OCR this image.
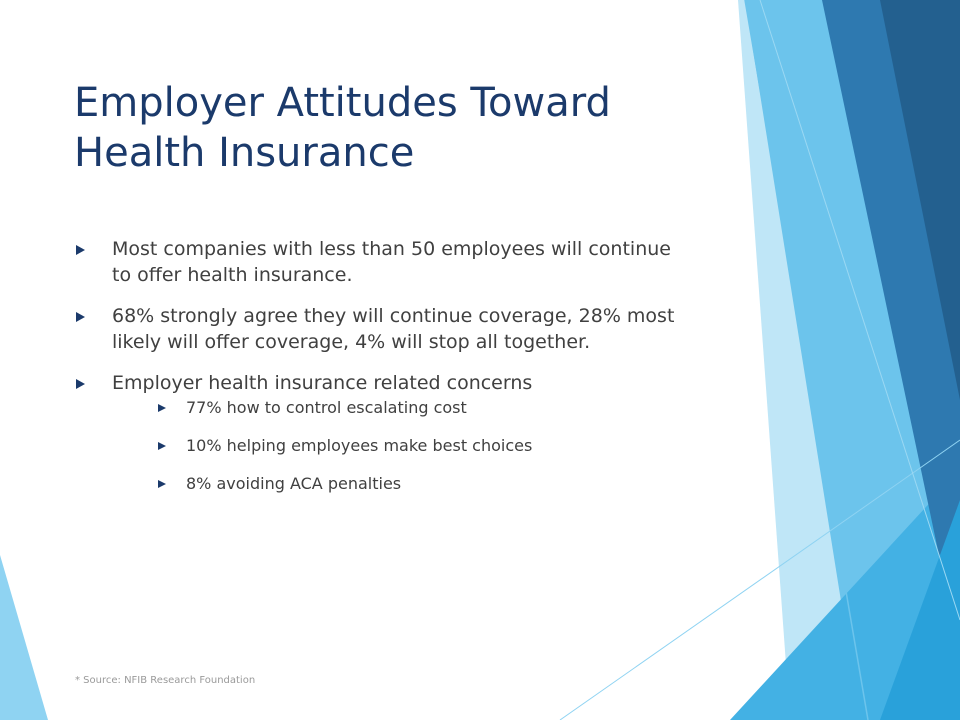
Employer Attitudes Toward
Health Insurance
Most companies with less than 50 employees will continue to offer health insurance.
68% strongly agree they will continue coverage, 28% most likely will offer coverage, 4% will stop all together.
Employer health insurance related concerns
77% how to control escalating cost
10% helping employees make best choices
8% avoiding ACA penalties
* Source: NFIB Research Foundation
